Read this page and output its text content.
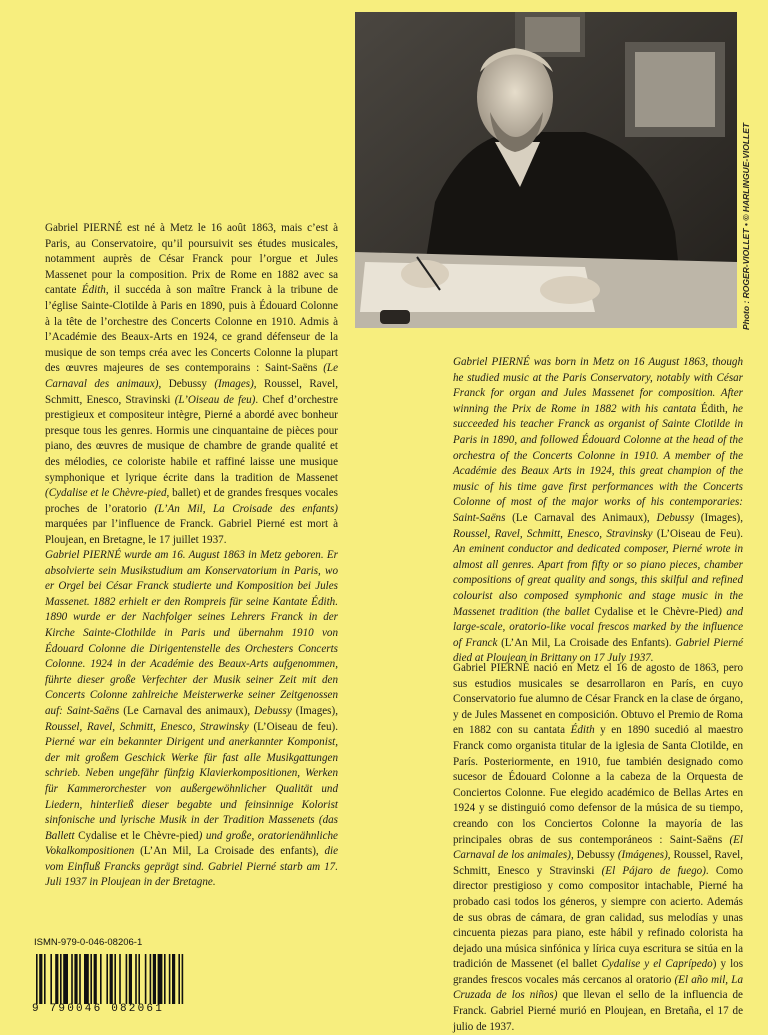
Photo : ROGER-VIOLLET • © HARLINGUE-VIOLLET

Gabriel PIERNÉ est né à Metz le 16 août 1863, mais c’est à Paris, au Conservatoire, qu’il poursuivit ses études musicales, notamment auprès de César Franck pour l’orgue et Jules Massenet pour la composition. Prix de Rome en 1882 avec sa cantate Édith, il succéda à son maître Franck à la tribune de l’église Sainte-Clotilde à Paris en 1890, puis à Édouard Colonne à la tête de l’orchestre des Concerts Colonne en 1910. Admis à l’Académie des Beaux-Arts en 1924, ce grand défenseur de la musique de son temps créa avec les Concerts Colonne la plupart des œuvres majeures de ses contemporains : Saint-Saëns (Le Carnaval des animaux), Debussy (Images), Roussel, Ravel, Schmitt, Enesco, Stravinski (L’Oiseau de feu). Chef d’orchestre prestigieux et compositeur intègre, Pierné a abordé avec bonheur presque tous les genres. Hormis une cinquantaine de pièces pour piano, des œuvres de musique de chambre de grande qualité et des mélodies, ce coloriste habile et raffiné laisse une musique symphonique et lyrique écrite dans la tradition de Massenet (Cydalise et le Chèvre-pied, ballet) et de grandes fresques vocales proches de l’oratorio (L’An Mil, La Croisade des enfants) marquées par l’influence de Franck. Gabriel Pierné est mort à Ploujean, en Bretagne, le 17 juillet 1937.

Gabriel PIERNÉ wurde am 16. August 1863 in Metz geboren. Er absolvierte sein Musikstudium am Konservatorium in Paris, wo er Orgel bei César Franck studierte und Komposition bei Jules Massenet. 1882 erhielt er den Rompreis für seine Kantate Édith. 1890 wurde er der Nachfolger seines Lehrers Franck in der Kirche Sainte-Clothilde in Paris und übernahm 1910 von Édouard Colonne die Dirigentenstelle des Orchesters Concerts Colonne. 1924 in der Académie des Beaux-Arts aufgenommen, führte dieser große Verfechter der Musik seiner Zeit mit den Concerts Colonne zahlreiche Meisterwerke seiner Zeitgenossen auf: Saint-Saëns (Le Carnaval des animaux), Debussy (Images), Roussel, Ravel, Schmitt, Enesco, Strawinsky (L’Oiseau de feu). Pierné war ein bekannter Dirigent und anerkannter Komponist, der mit großem Geschick Werke für fast alle Musikgattungen schrieb. Neben ungefähr fünfzig Klavierkompositionen, Werken für Kammerorchester von außergewöhnlicher Qualität und Liedern, hinterließ dieser begabte und feinsinnige Kolorist sinfonische und lyrische Musik in der Tradition Massenets (das Ballett Cydalise et le Chèvre-pied) und große, oratorienähnliche Vokalkompositionen (L’An Mil, La Croisade des enfants), die vom Einfluß Francks geprägt sind. Gabriel Pierné starb am 17. Juli 1937 in Ploujean in der Bretagne.

Gabriel PIERNÉ was born in Metz on 16 August 1863, though he studied music at the Paris Conservatory, notably with César Franck for organ and Jules Massenet for composition. After winning the Prix de Rome in 1882 with his cantata Édith, he succeeded his teacher Franck as organist of Sainte Clotilde in Paris in 1890, and followed Édouard Colonne at the head of the orchestra of the Concerts Colonne in 1910. A member of the Académie des Beaux Arts in 1924, this great champion of the music of his time gave first performances with the Concerts Colonne of most of the major works of his contemporaries: Saint-Saëns (Le Carnaval des Animaux), Debussy (Images), Roussel, Ravel, Schmitt, Enesco, Stravinsky (L’Oiseau de Feu). An eminent conductor and dedicated composer, Pierné wrote in almost all genres. Apart from fifty or so piano pieces, chamber compositions of great quality and songs, this skilful and refined colourist also composed symphonic and stage music in the Massenet tradition (the ballet Cydalise et le Chèvre-Pied) and large-scale, oratorio-like vocal frescos marked by the influence of Franck (L’An Mil, La Croisade des Enfants). Gabriel Pierné died at Ploujean in Brittany on 17 July 1937.

Gabriel PIERNÉ nació en Metz el 16 de agosto de 1863, pero sus estudios musicales se desarrollaron en París, en cuyo Conservatorio fue alumno de César Franck en la clase de órgano, y de Jules Massenet en composición. Obtuvo el Premio de Roma en 1882 con su cantata Édith y en 1890 sucedió al maestro Franck como organista titular de la iglesia de Santa Clotilde, en París. Posteriormente, en 1910, fue también designado como sucesor de Édouard Colonne a la cabeza de la Orquesta de Conciertos Colonne. Fue elegido académico de Bellas Artes en 1924 y se distinguió como defensor de la música de su tiempo, creando con los Conciertos Colonne la mayoría de las principales obras de sus contemporáneos : Saint-Saëns (El Carnaval de los animales), Debussy (Imágenes), Roussel, Ravel, Schmitt, Enesco y Stravinski (El Pájaro de fuego). Como director prestigioso y como compositor intachable, Pierné ha probado casi todos los géneros, y siempre con acierto. Además de sus obras de cámara, de gran calidad, sus melodías y unas cincuenta piezas para piano, este hábil y refinado colorista ha dejado una música sinfónica y lírica cuya escritura se sitúa en la tradición de Massenet (el ballet Cydalise y el Caprípedo) y los grandes frescos vocales más cercanos al oratorio (El año mil, La Cruzada de los niños) que llevan el sello de la influencia de Franck. Gabriel Pierné murió en Ploujean, en Bretaña, el 17 de julio de 1937.

ISMN-979-0-046-08206-1
9 790046 082061
